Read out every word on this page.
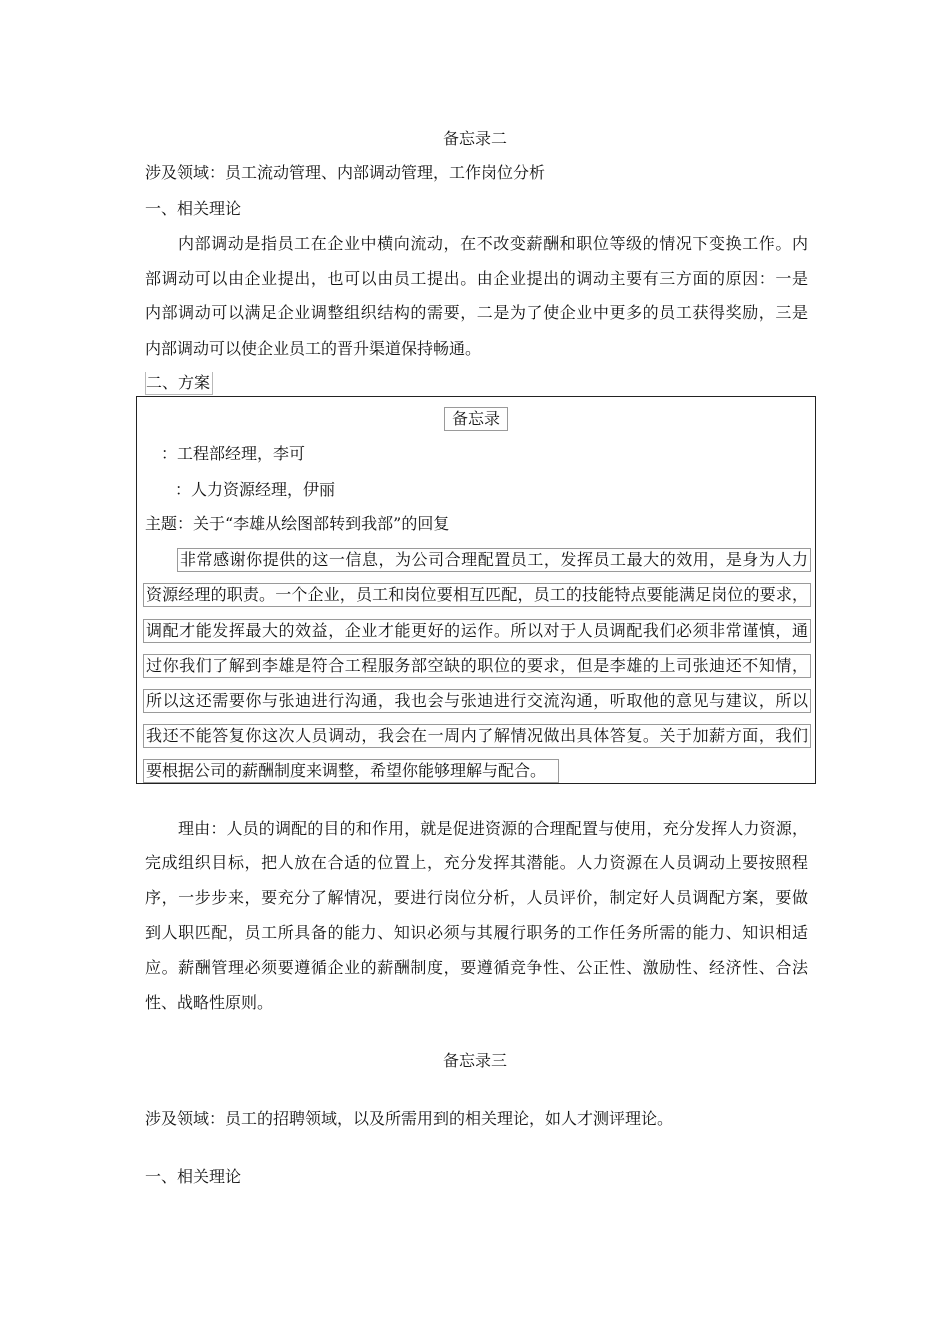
备忘录二
涉及领域：员工流动管理、内部调动管理，工作岗位分析
一、相关理论
内部调动是指员工在企业中横向流动，在不改变薪酬和职位等级的情况下变换工作。内
部调动可以由企业提出，也可以由员工提出。由企业提出的调动主要有三方面的原因：一是
内部调动可以满足企业调整组织结构的需要，二是为了使企业中更多的员工获得奖励，三是
内部调动可以使企业员工的晋升渠道保持畅通。
二、方案
备忘录
：工程部经理，李可
：人力资源经理，伊丽
主题：关于“李雄从绘图部转到我部”的回复
非常感谢你提供的这一信息，为公司合理配置员工，发挥员工最大的效用，是身为人力
资源经理的职责。一个企业，员工和岗位要相互匹配，员工的技能特点要能满足岗位的要求，
调配才能发挥最大的效益，企业才能更好的运作。所以对于人员调配我们必须非常谨慎，通
过你我们了解到李雄是符合工程服务部空缺的职位的要求，但是李雄的上司张迪还不知情，
所以这还需要你与张迪进行沟通，我也会与张迪进行交流沟通，听取他的意见与建议，所以
我还不能答复你这次人员调动，我会在一周内了解情况做出具体答复。关于加薪方面，我们
要根据公司的薪酬制度来调整，希望你能够理解与配合。
理由：人员的调配的目的和作用，就是促进资源的合理配置与使用，充分发挥人力资源，
完成组织目标，把人放在合适的位置上，充分发挥其潜能。人力资源在人员调动上要按照程
序，一步步来，要充分了解情况，要进行岗位分析，人员评价，制定好人员调配方案，要做
到人职匹配，员工所具备的能力、知识必须与其履行职务的工作任务所需的能力、知识相适
应。薪酬管理必须要遵循企业的薪酬制度，要遵循竞争性、公正性、激励性、经济性、合法
性、战略性原则。
备忘录三
涉及领域：员工的招聘领域，以及所需用到的相关理论，如人才测评理论。
一、相关理论
